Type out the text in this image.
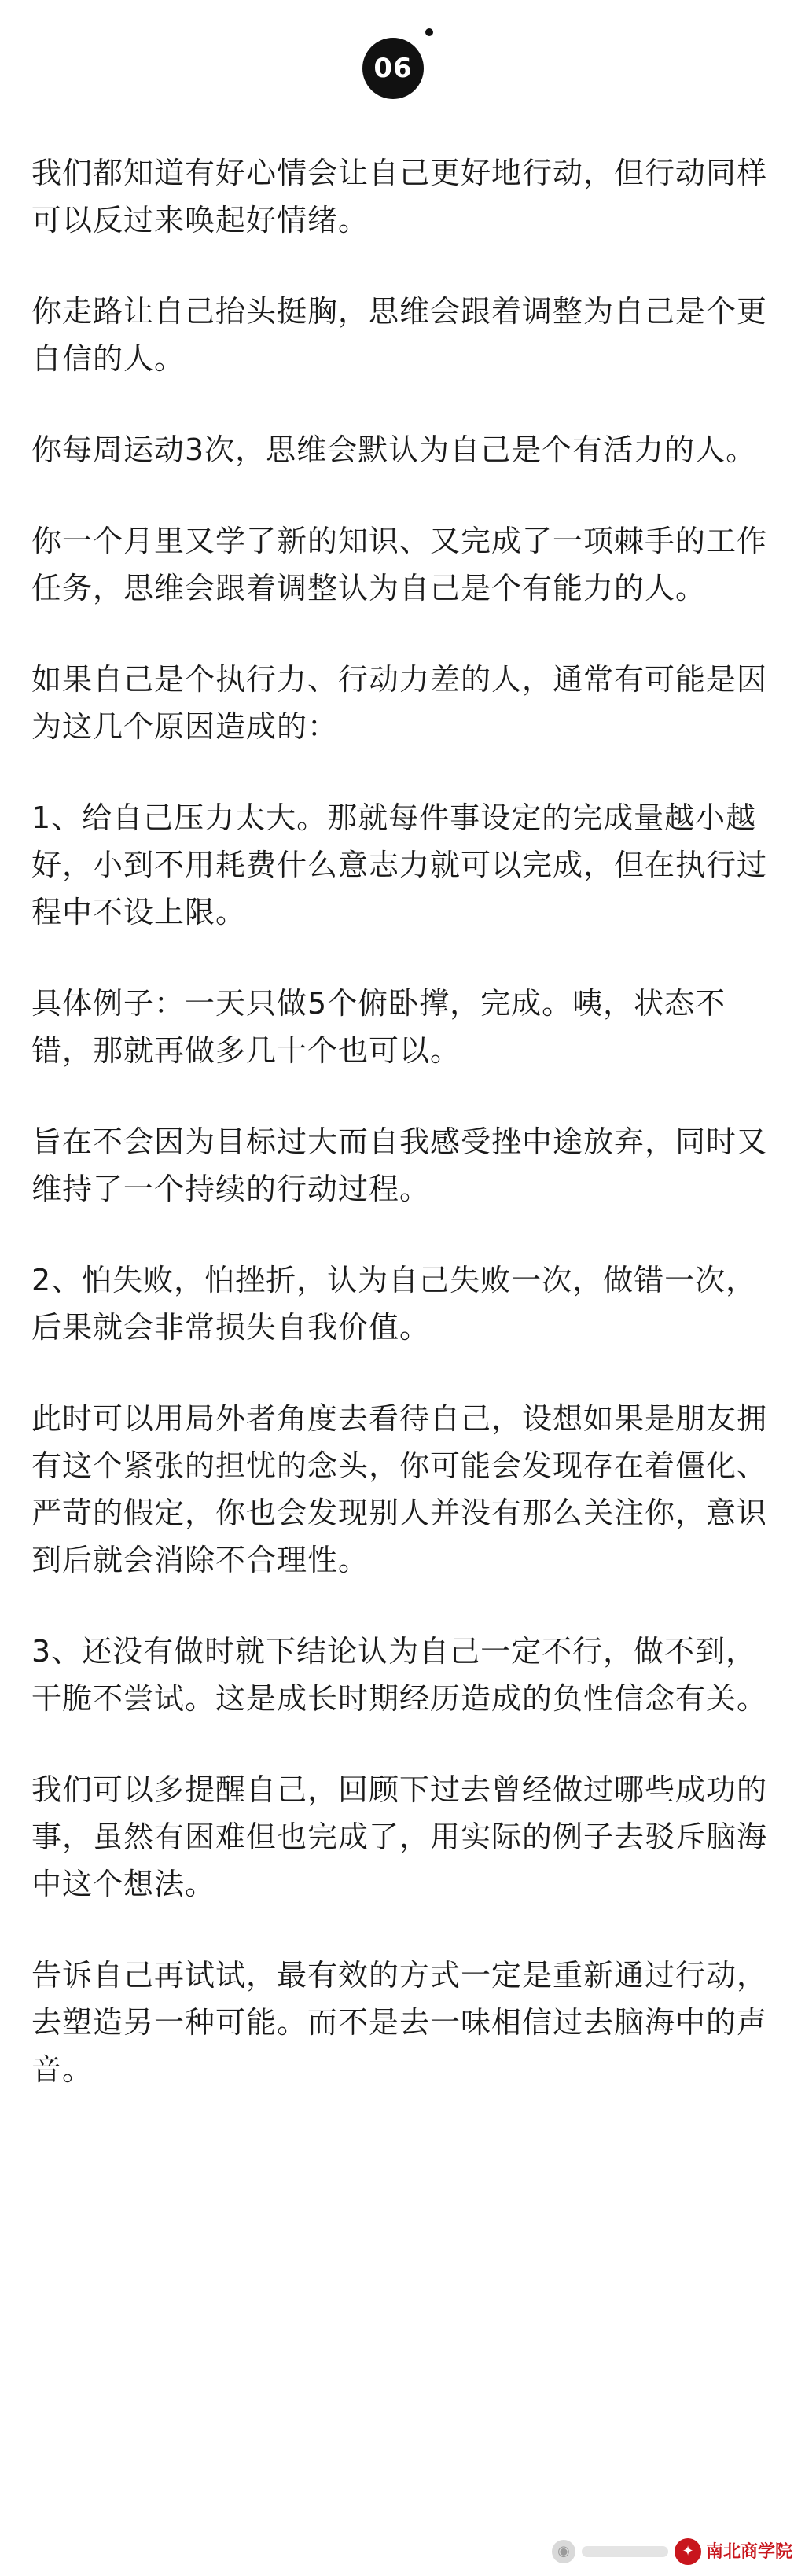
06

我们都知道有好心情会让自己更好地行动，但行动同样可以反过来唤起好情绪。

你走路让自己抬头挺胸，思维会跟着调整为自己是个更自信的人。

你每周运动3次，思维会默认为自己是个有活力的人。

你一个月里又学了新的知识、又完成了一项棘手的工作任务，思维会跟着调整认为自己是个有能力的人。

如果自己是个执行力、行动力差的人，通常有可能是因为这几个原因造成的：

1、给自己压力太大。那就每件事设定的完成量越小越好，小到不用耗费什么意志力就可以完成，但在执行过程中不设上限。

具体例子：一天只做5个俯卧撑，完成。咦，状态不错，那就再做多几十个也可以。

旨在不会因为目标过大而自我感受挫中途放弃，同时又维持了一个持续的行动过程。

2、怕失败，怕挫折，认为自己失败一次，做错一次，后果就会非常损失自我价值。

此时可以用局外者角度去看待自己，设想如果是朋友拥有这个紧张的担忧的念头，你可能会发现存在着僵化、严苛的假定，你也会发现别人并没有那么关注你，意识到后就会消除不合理性。

3、还没有做时就下结论认为自己一定不行，做不到，干脆不尝试。这是成长时期经历造成的负性信念有关。

我们可以多提醒自己，回顾下过去曾经做过哪些成功的事，虽然有困难但也完成了，用实际的例子去驳斥脑海中这个想法。

告诉自己再试试，最有效的方式一定是重新通过行动，去塑造另一种可能。而不是去一味相信过去脑海中的声音。

◉	✦ 南北商学院
